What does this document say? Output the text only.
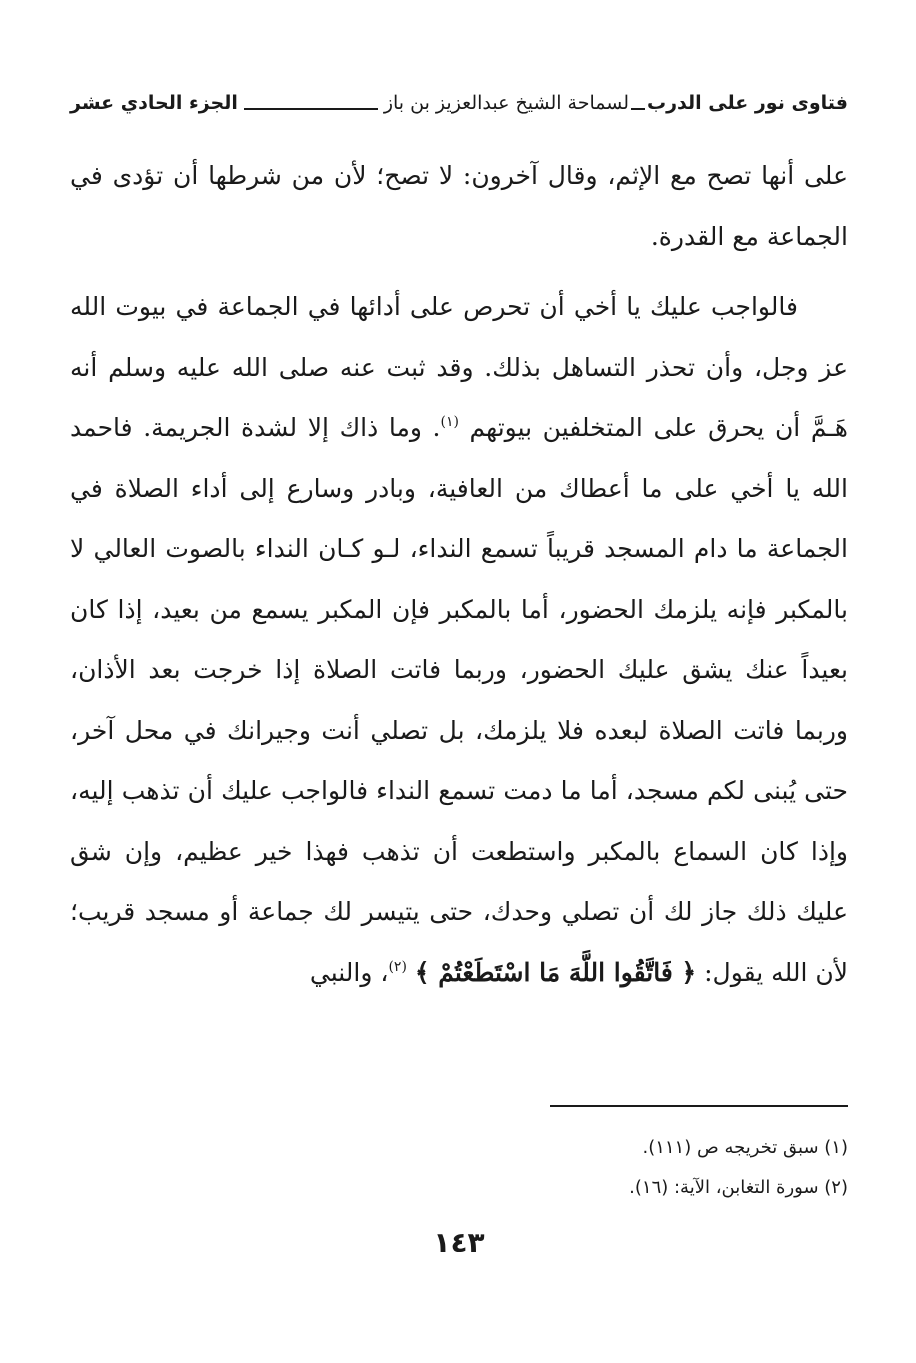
فتاوى نور على الدرب
لسماحة الشيخ عبدالعزيز بن باز
الجزء الحادي عشر

على أنها تصح مع الإثم، وقال آخرون: لا تصح؛ لأن من شرطها أن تؤدى في الجماعة مع القدرة.

فالواجب عليك يا أخي أن تحرص على أدائها في الجماعة في بيوت الله عز وجل، وأن تحذر التساهل بذلك. وقد ثبت عنه صلى الله عليه وسلم أنه هَـمَّ أن يحرق على المتخلفين بيوتهم $^{(١)}$. وما ذاك إلا لشدة الجريمة. فاحمد الله يا أخي على ما أعطاك من العافية، وبادر وسارع إلى أداء الصلاة في الجماعة ما دام المسجد قريباً تسمع النداء، لـو كـان النداء بالصوت العالي لا بالمكبر فإنه يلزمك الحضور، أما بالمكبر فإن المكبر يسمع من بعيد، إذا كان بعيداً عنك يشق عليك الحضور، وربما فاتت الصلاة إذا خرجت بعد الأذان، وربما فاتت الصلاة لبعده فلا يلزمك، بل تصلي أنت وجيرانك في محل آخر، حتى يُبنى لكم مسجد، أما ما دمت تسمع النداء فالواجب عليك أن تذهب إليه، وإذا كان السماع بالمكبر واستطعت أن تذهب فهذا خير عظيم، وإن شق عليك ذلك جاز لك أن تصلي وحدك، حتى يتيسر لك جماعة أو مسجد قريب؛ لأن الله يقول: ﴿ فَاتَّقُوا اللَّهَ مَا اسْتَطَعْتُمْ ﴾ $^{(٢)}$، والنبي

(١) سبق تخريجه ص (١١١).
(٢) سورة التغابن، الآية: (١٦).
١٤٣
